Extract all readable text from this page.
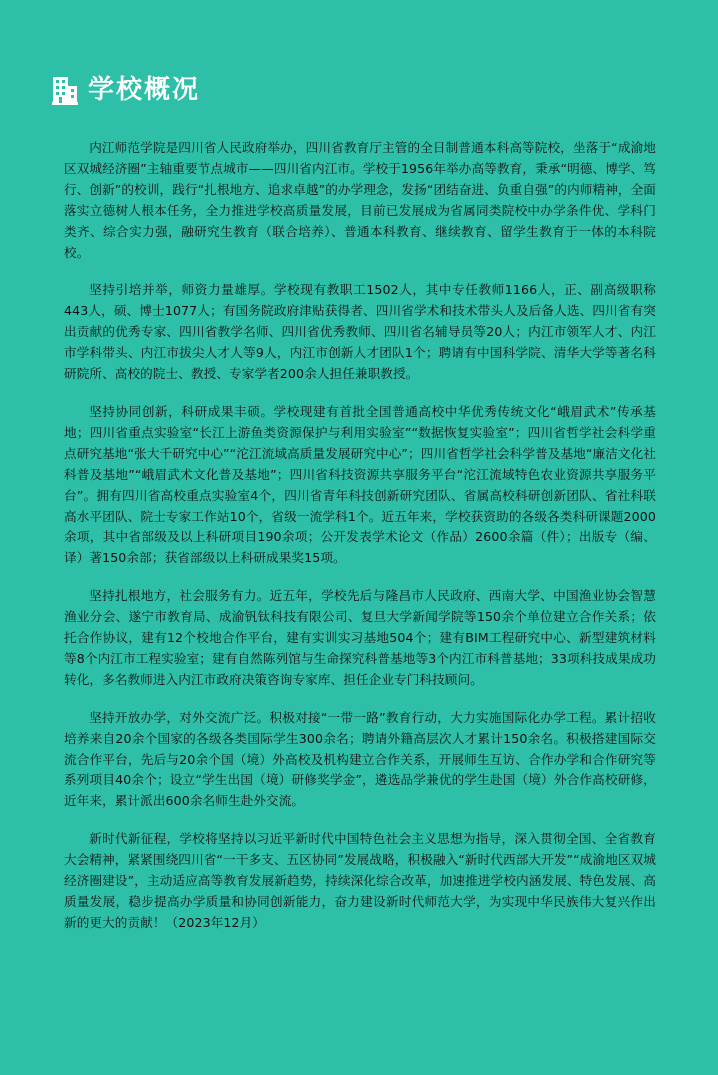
学校概况

内江师范学院是四川省人民政府举办，四川省教育厅主管的全日制普通本科高等院校，坐落于“成渝地区双城经济圈”主轴重要节点城市——四川省内江市。学校于1956年举办高等教育，秉承“明德、博学、笃行、创新”的校训，践行“扎根地方、追求卓越”的办学理念，发扬“团结奋进、负重自强”的内师精神，全面落实立德树人根本任务，全力推进学校高质量发展，目前已发展成为省属同类院校中办学条件优、学科门类齐、综合实力强，融研究生教育（联合培养）、普通本科教育、继续教育、留学生教育于一体的本科院校。

坚持引培并举，师资力量雄厚。学校现有教职工1502人，其中专任教师1166人，正、副高级职称443人，硕、博士1077人；有国务院政府津贴获得者、四川省学术和技术带头人及后备人选、四川省有突出贡献的优秀专家、四川省教学名师、四川省优秀教师、四川省名辅导员等20人；内江市领军人才、内江市学科带头、内江市拔尖人才人等9人，内江市创新人才团队1个；聘请有中国科学院、清华大学等著名科研院所、高校的院士、教授、专家学者200余人担任兼职教授。

坚持协同创新，科研成果丰硕。学校现建有首批全国普通高校中华优秀传统文化“峨眉武术”传承基地；四川省重点实验室“长江上游鱼类资源保护与利用实验室”“数据恢复实验室”；四川省哲学社会科学重点研究基地“张大千研究中心”“沱江流域高质量发展研究中心”；四川省哲学社会科学普及基地“廉洁文化社科普及基地”“峨眉武术文化普及基地”；四川省科技资源共享服务平台“沱江流域特色农业资源共享服务平台”。拥有四川省高校重点实验室4个，四川省青年科技创新研究团队、省属高校科研创新团队、省社科联高水平团队、院士专家工作站10个，省级一流学科1个。近五年来，学校获资助的各级各类科研课题2000余项，其中省部级及以上科研项目190余项；公开发表学术论文（作品）2600余篇（件）；出版专（编、译）著150余部；获省部级以上科研成果奖15项。

坚持扎根地方，社会服务有力。近五年，学校先后与隆昌市人民政府、西南大学、中国渔业协会智慧渔业分会、遂宁市教育局、成渝钒钛科技有限公司、复旦大学新闻学院等150余个单位建立合作关系；依托合作协议，建有12个校地合作平台，建有实训实习基地504个；建有BIM工程研究中心、新型建筑材料等8个内江市工程实验室；建有自然陈列馆与生命探究科普基地等3个内江市科普基地；33项科技成果成功转化，多名教师进入内江市政府决策咨询专家库、担任企业专门科技顾问。

坚持开放办学，对外交流广泛。积极对接“一带一路”教育行动，大力实施国际化办学工程。累计招收培养来自20余个国家的各级各类国际学生300余名；聘请外籍高层次人才累计150余名。积极搭建国际交流合作平台，先后与20余个国（境）外高校及机构建立合作关系，开展师生互访、合作办学和合作研究等系列项目40余个；设立“学生出国（境）研修奖学金”，遴选品学兼优的学生赴国（境）外合作高校研修，近年来，累计派出600余名师生赴外交流。

新时代新征程，学校将坚持以习近平新时代中国特色社会主义思想为指导，深入贯彻全国、全省教育大会精神，紧紧围绕四川省“一干多支、五区协同”发展战略，积极融入“新时代西部大开发”“成渝地区双城经济圈建设”，主动适应高等教育发展新趋势，持续深化综合改革，加速推进学校内涵发展、特色发展、高质量发展，稳步提高办学质量和协同创新能力，奋力建设新时代师范大学，为实现中华民族伟大复兴作出新的更大的贡献！（2023年12月）
